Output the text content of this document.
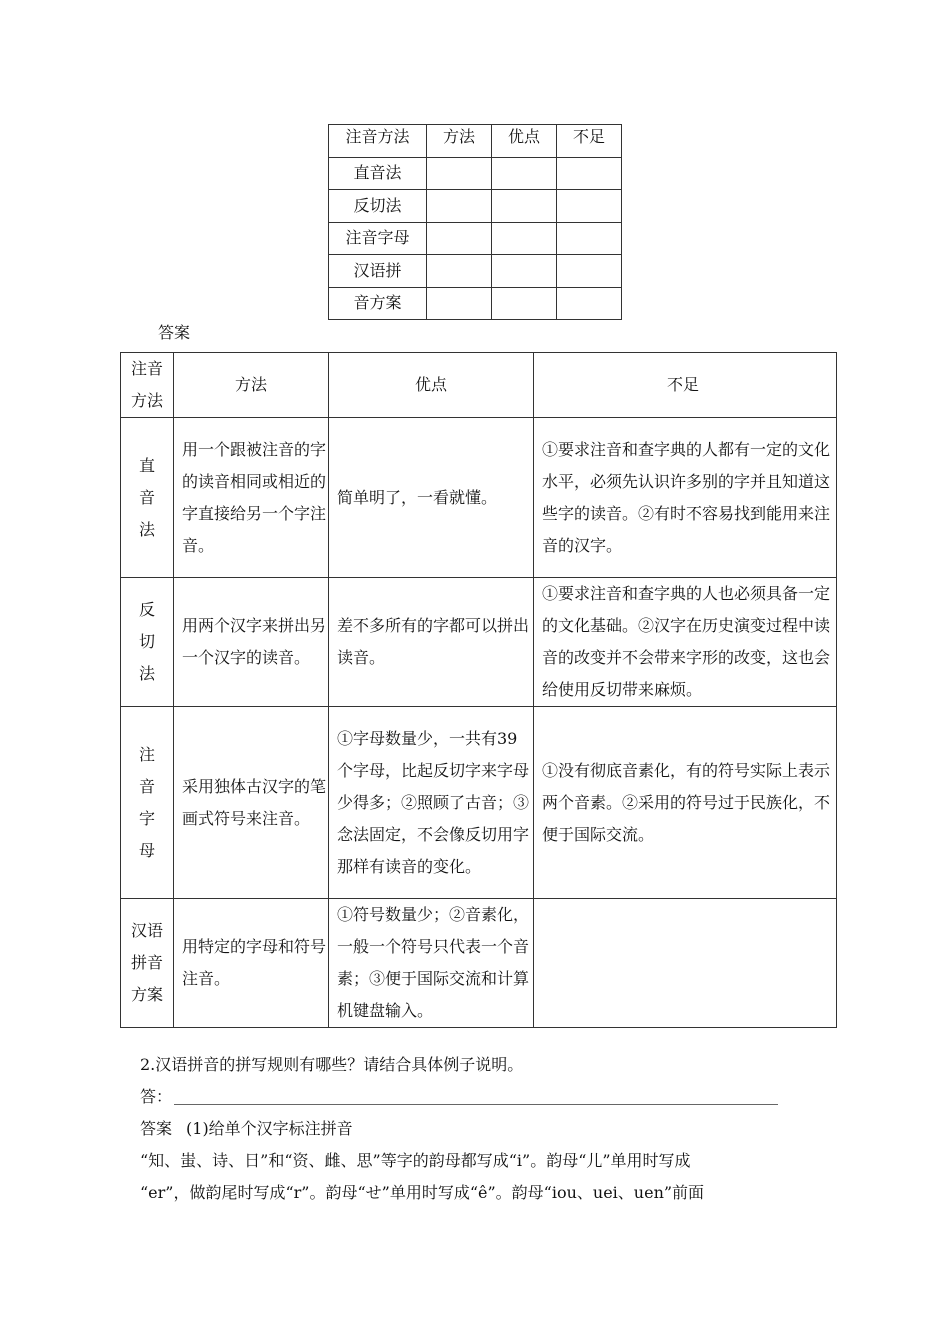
注音方法	方法	优点	不足
直音法			
反切法			
注音字母			
汉语拼			
音方案			
答案
注音方法	方法	优点	不足
直音法	用一个跟被注音的字的读音相同或相近的字直接给另一个字注音。	简单明了，一看就懂。	①要求注音和查字典的人都有一定的文化水平，必须先认识许多别的字并且知道这些字的读音。②有时不容易找到能用来注音的汉字。
反切法	用两个汉字来拼出另一个汉字的读音。	差不多所有的字都可以拼出读音。	①要求注音和查字典的人也必须具备一定的文化基础。②汉字在历史演变过程中读音的改变并不会带来字形的改变，这也会给使用反切带来麻烦。
注音字母	采用独体古汉字的笔画式符号来注音。	①字母数量少，一共有39个字母，比起反切字来字母少得多；②照顾了古音；③念法固定，不会像反切用字那样有读音的变化。	①没有彻底音素化，有的符号实际上表示两个音素。②采用的符号过于民族化，不便于国际交流。
汉语拼音方案	用特定的字母和符号注音。	①符号数量少；②音素化，一般一个符号只代表一个音素；③便于国际交流和计算机键盘输入。	
2.汉语拼音的拼写规则有哪些？请结合具体例子说明。
答：
答案 (1)给单个汉字标注拼音
“知、蚩、诗、日”和“资、雌、思”等字的韵母都写成“i”。韵母“儿”单用时写成
“er”，做韵尾时写成“r”。韵母“せ”单用时写成“ê”。韵母“iou、uei、uen”前面
